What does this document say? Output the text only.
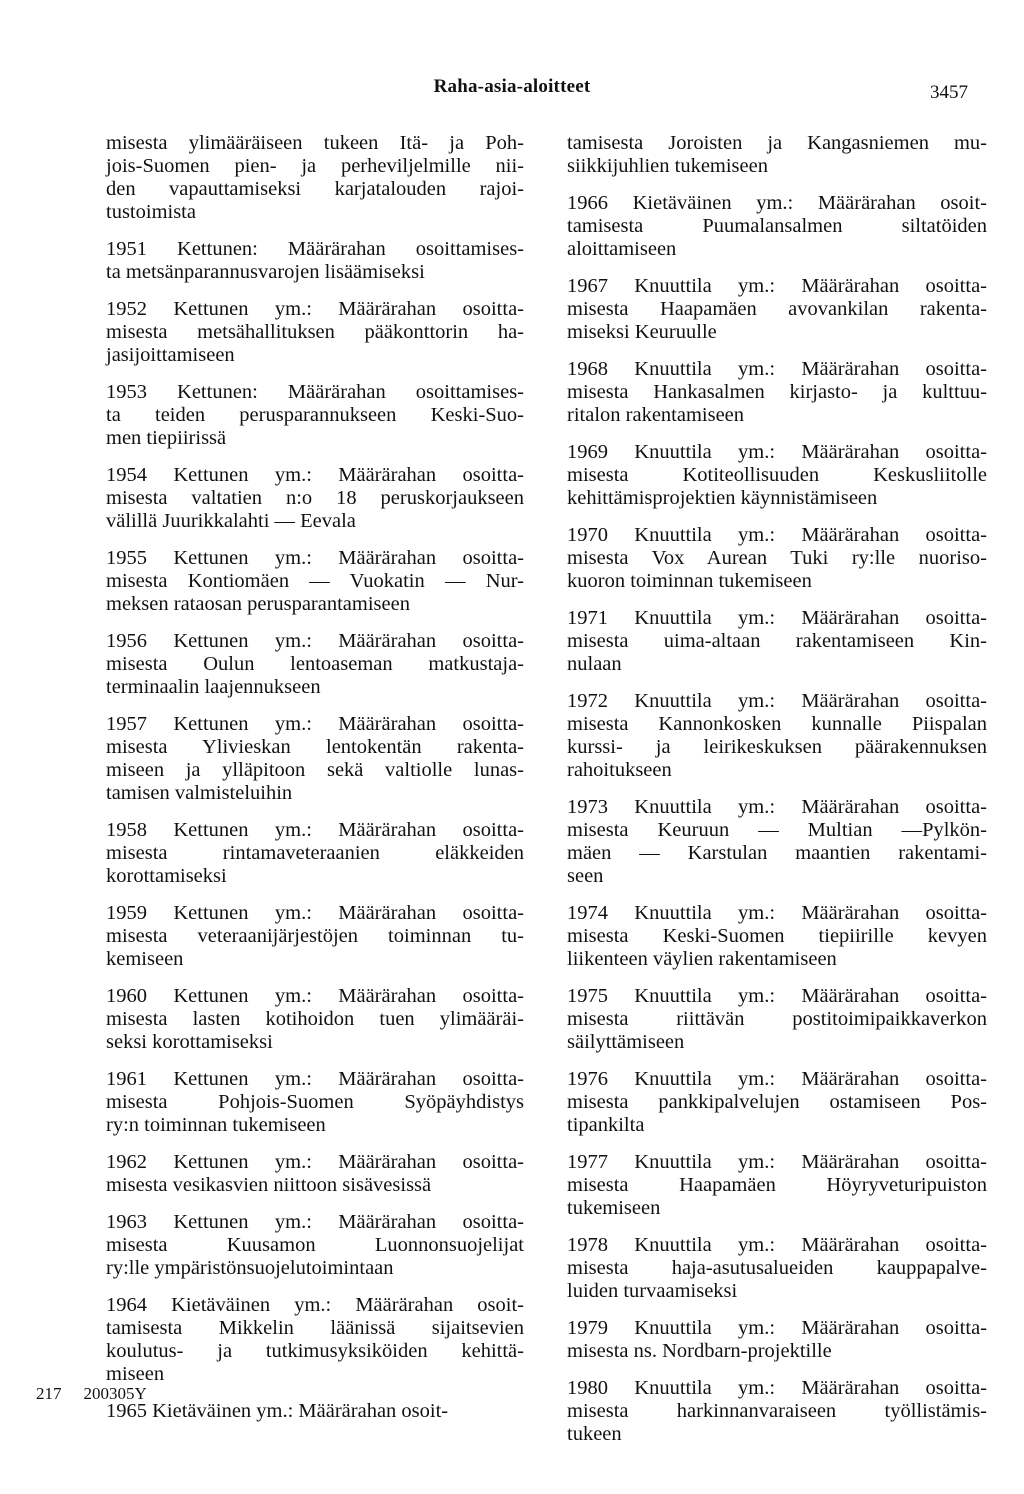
Raha-asia-aloitteet	3457

misesta ylimääräiseen tukeen Itä- ja Poh-
jois-Suomen pien- ja perheviljelmille nii-
den vapauttamiseksi karjatalouden rajoi-
tustoimista

1951 Kettunen: Määrärahan osoittamises-
ta metsänparannusvarojen lisäämiseksi

1952 Kettunen ym.: Määrärahan osoitta-
misesta metsähallituksen pääkonttorin ha-
jasijoittamiseen

1953 Kettunen: Määrärahan osoittamises-
ta teiden perusparannukseen Keski-Suo-
men tiepiirissä

1954 Kettunen ym.: Määrärahan osoitta-
misesta valtatien n:o 18 peruskorjaukseen
välillä Juurikkalahti — Eevala

1955 Kettunen ym.: Määrärahan osoitta-
misesta Kontiomäen — Vuokatin — Nur-
meksen rataosan perusparantamiseen

1956 Kettunen ym.: Määrärahan osoitta-
misesta Oulun lentoaseman matkustaja-
terminaalin laajennukseen

1957 Kettunen ym.: Määrärahan osoitta-
misesta Ylivieskan lentokentän rakenta-
miseen ja ylläpitoon sekä valtiolle lunas-
tamisen valmisteluihin

1958 Kettunen ym.: Määrärahan osoitta-
misesta rintamaveteraanien eläkkeiden
korottamiseksi

1959 Kettunen ym.: Määrärahan osoitta-
misesta veteraanijärjestöjen toiminnan tu-
kemiseen

1960 Kettunen ym.: Määrärahan osoitta-
misesta lasten kotihoidon tuen ylimääräi-
seksi korottamiseksi

1961 Kettunen ym.: Määrärahan osoitta-
misesta Pohjois-Suomen Syöpäyhdistys
ry:n toiminnan tukemiseen

1962 Kettunen ym.: Määrärahan osoitta-
misesta vesikasvien niittoon sisävesissä

1963 Kettunen ym.: Määrärahan osoitta-
misesta Kuusamon Luonnonsuojelijat
ry:lle ympäristönsuojelutoimintaan

1964 Kietäväinen ym.: Määrärahan osoit-
tamisesta Mikkelin läänissä sijaitsevien
koulutus- ja tutkimusyksiköiden kehittä-
miseen

1965 Kietäväinen ym.: Määrärahan osoit-

tamisesta Joroisten ja Kangasniemen mu-
siikkijuhlien tukemiseen

1966 Kietäväinen ym.: Määrärahan osoit-
tamisesta Puumalansalmen siltatöiden
aloittamiseen

1967 Knuuttila ym.: Määrärahan osoitta-
misesta Haapamäen avovankilan rakenta-
miseksi Keuruulle

1968 Knuuttila ym.: Määrärahan osoitta-
misesta Hankasalmen kirjasto- ja kulttuu-
ritalon rakentamiseen

1969 Knuuttila ym.: Määrärahan osoitta-
misesta Kotiteollisuuden Keskusliitolle
kehittämisprojektien käynnistämiseen

1970 Knuuttila ym.: Määrärahan osoitta-
misesta Vox Aurean Tuki ry:lle nuoriso-
kuoron toiminnan tukemiseen

1971 Knuuttila ym.: Määrärahan osoitta-
misesta uima-altaan rakentamiseen Kin-
nulaan

1972 Knuuttila ym.: Määrärahan osoitta-
misesta Kannonkosken kunnalle Piispalan
kurssi- ja leirikeskuksen päärakennuksen
rahoitukseen

1973 Knuuttila ym.: Määrärahan osoitta-
misesta Keuruun — Multian —Pylkön-
mäen — Karstulan maantien rakentami-
seen

1974 Knuuttila ym.: Määrärahan osoitta-
misesta Keski-Suomen tiepiirille kevyen
liikenteen väylien rakentamiseen

1975 Knuuttila ym.: Määrärahan osoitta-
misesta riittävän postitoimipaikkaverkon
säilyttämiseen

1976 Knuuttila ym.: Määrärahan osoitta-
misesta pankkipalvelujen ostamiseen Pos-
tipankilta

1977 Knuuttila ym.: Määrärahan osoitta-
misesta Haapamäen Höyryveturipuiston
tukemiseen

1978 Knuuttila ym.: Määrärahan osoitta-
misesta haja-asutusalueiden kauppapalve-
luiden turvaamiseksi

1979 Knuuttila ym.: Määrärahan osoitta-
misesta ns. Nordbarn-projektille

1980 Knuuttila ym.: Määrärahan osoitta-
misesta harkinnanvaraiseen työllistämis-
tukeen

217 200305Y
